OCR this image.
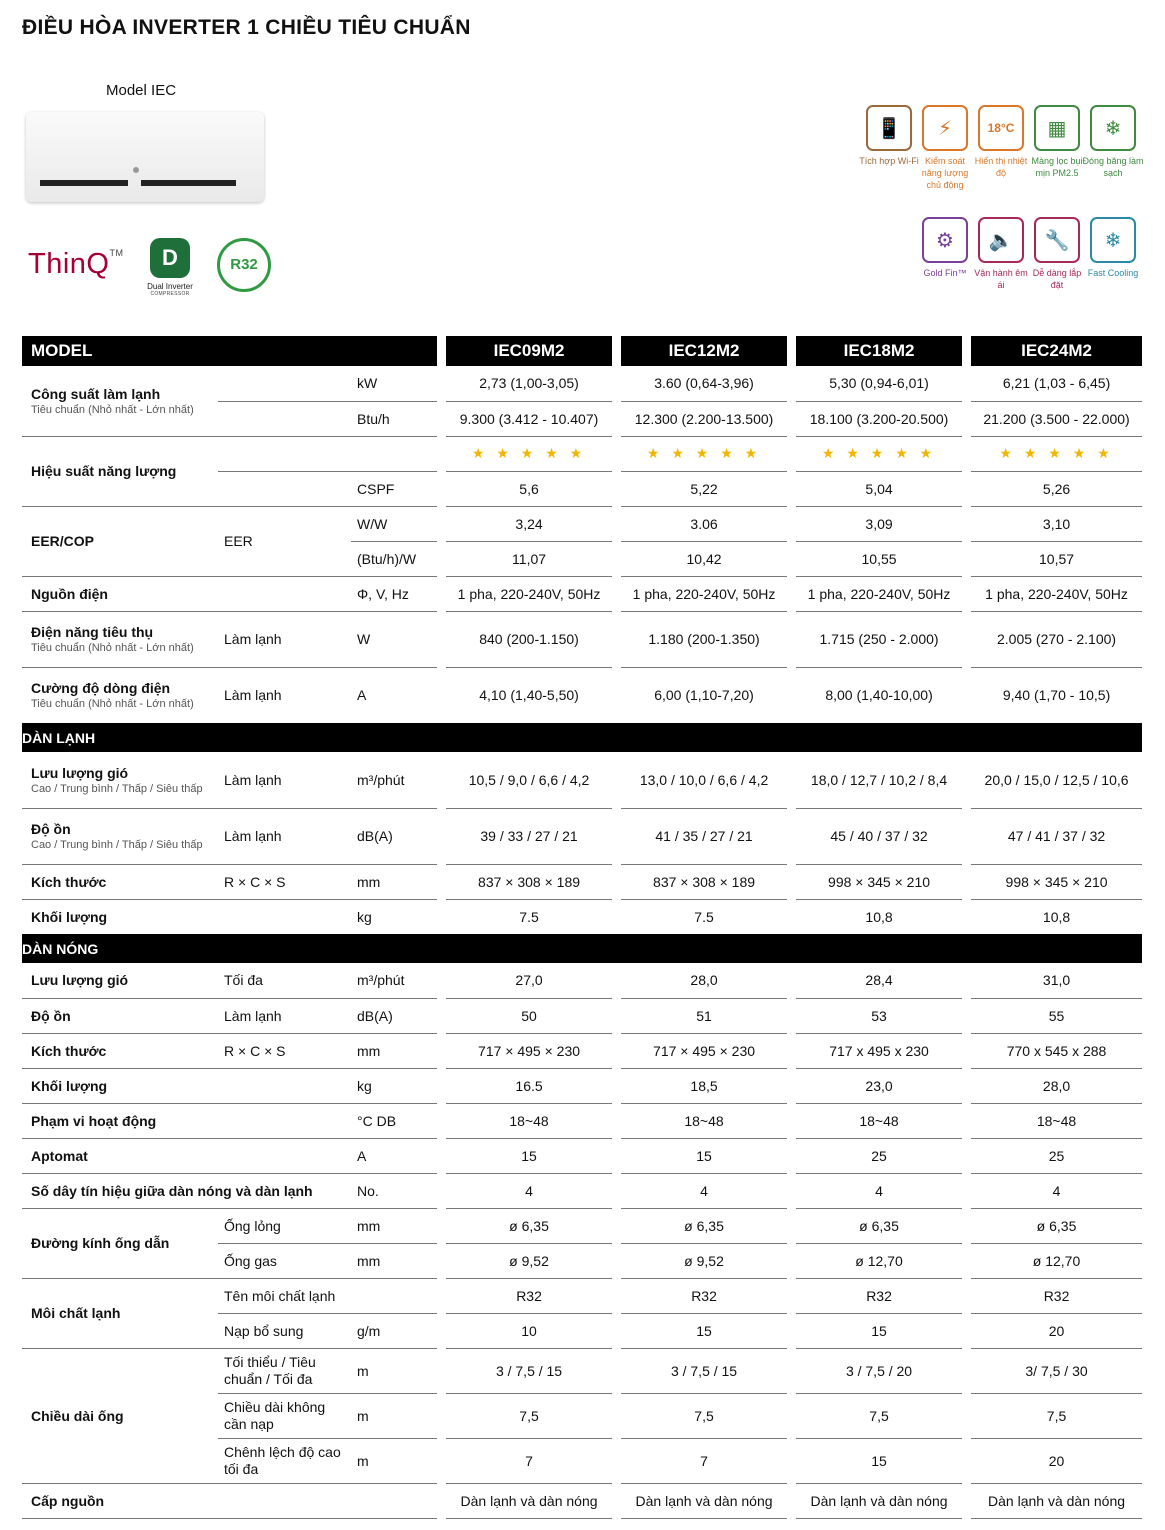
ĐIỀU HÒA INVERTER 1 CHIỀU TIÊU CHUẨN
Model IEC
ThinQ™	D
Dual Inverter
COMPRESSOR
R32
📱
Tích hợp Wi-Fi
⚡
Kiểm soát năng lượng chủ động
18°C
Hiển thị nhiệt độ
▦
Màng lọc bụi mịn PM2.5
❄
Đóng băng làm sạch
⚙
Gold Fin™
🔈
Vận hành êm ái
🔧
Dễ dàng lắp đặt
❄
Fast Cooling
MODEL				IEC09M2		IEC12M2		IEC18M2		IEC24M2
Công suất làm lạnh
Tiêu chuẩn (Nhỏ nhất - Lớn nhất)		kW		2,73 (1,00-3,05)		3.60 (0,64-3,96)		5,30 (0,94-6,01)		6,21 (1,03 - 6,45)
		Btu/h		9.300 (3.412 - 10.407)		12.300 (2.200-13.500)		18.100 (3.200-20.500)		21.200 (3.500 - 22.000)
Hiệu suất năng lượng				★ ★ ★ ★ ★		★ ★ ★ ★ ★		★ ★ ★ ★ ★		★ ★ ★ ★ ★
		CSPF		5,6		5,22		5,04		5,26
EER/COP	EER	W/W		3,24		3.06		3,09		3,10
		(Btu/h)/W		11,07		10,42		10,55		10,57
Nguồn điện		Φ, V, Hz		1 pha, 220-240V, 50Hz		1 pha, 220-240V, 50Hz		1 pha, 220-240V, 50Hz		1 pha, 220-240V, 50Hz
Điện năng tiêu thụ
Tiêu chuẩn (Nhỏ nhất - Lớn nhất)	Làm lạnh	W		840 (200-1.150)		1.180 (200-1.350)		1.715 (250 - 2.000)		2.005 (270 - 2.100)
Cường độ dòng điện
Tiêu chuẩn (Nhỏ nhất - Lớn nhất)	Làm lạnh	A		4,10 (1,40-5,50)		6,00 (1,10-7,20)		8,00 (1,40-10,00)		9,40 (1,70 - 10,5)
DÀN LẠNH										
Lưu lượng gió
Cao / Trung bình / Thấp / Siêu thấp	Làm lạnh	m³/phút		10,5 / 9,0 / 6,6 / 4,2		13,0 / 10,0 / 6,6 / 4,2		18,0 / 12,7 / 10,2 / 8,4		20,0 / 15,0 / 12,5 / 10,6
Độ ồn
Cao / Trung bình / Thấp / Siêu thấp	Làm lạnh	dB(A)		39 / 33 / 27 / 21		41 / 35 / 27 / 21		45 / 40 / 37 / 32		47 / 41 / 37 / 32
Kích thước	R × C × S	mm		837 × 308 × 189		837 × 308 × 189		998 × 345 × 210		998 × 345 × 210
Khối lượng		kg		7.5		7.5		10,8		10,8
DÀN NÓNG										
Lưu lượng gió	Tối đa	m³/phút		27,0		28,0		28,4		31,0
Độ ồn	Làm lạnh	dB(A)		50		51		53		55
Kích thước	R × C × S	mm		717 × 495 × 230		717 × 495 × 230		717 x 495 x 230		770 x 545 x 288
Khối lượng		kg		16.5		18,5		23,0		28,0
Phạm vi hoạt động		°C DB		18~48		18~48		18~48		18~48
Aptomat		A		15		15		25		25
Số dây tín hiệu giữa dàn nóng và dàn lạnh		No.		4		4		4		4
Đường kính ống dẫn	Ống lỏng	mm		ø 6,35		ø 6,35		ø 6,35		ø 6,35
	Ống gas	mm		ø 9,52		ø 9,52		ø 12,70		ø 12,70
Môi chất lạnh	Tên môi chất lạnh			R32		R32		R32		R32
	Nạp bổ sung	g/m		10		15		15		20
Chiều dài ống	Tối thiểu / Tiêu chuẩn / Tối đa	m		3 / 7,5 / 15		3 / 7,5 / 15		3 / 7,5 / 20		3/ 7,5 / 30
	Chiều dài không cần nạp	m		7,5		7,5		7,5		7,5
	Chênh lệch độ cao tối đa	m		7		7		15		20
Cấp nguồn				Dàn lạnh và dàn nóng		Dàn lạnh và dàn nóng		Dàn lạnh và dàn nóng		Dàn lạnh và dàn nóng
